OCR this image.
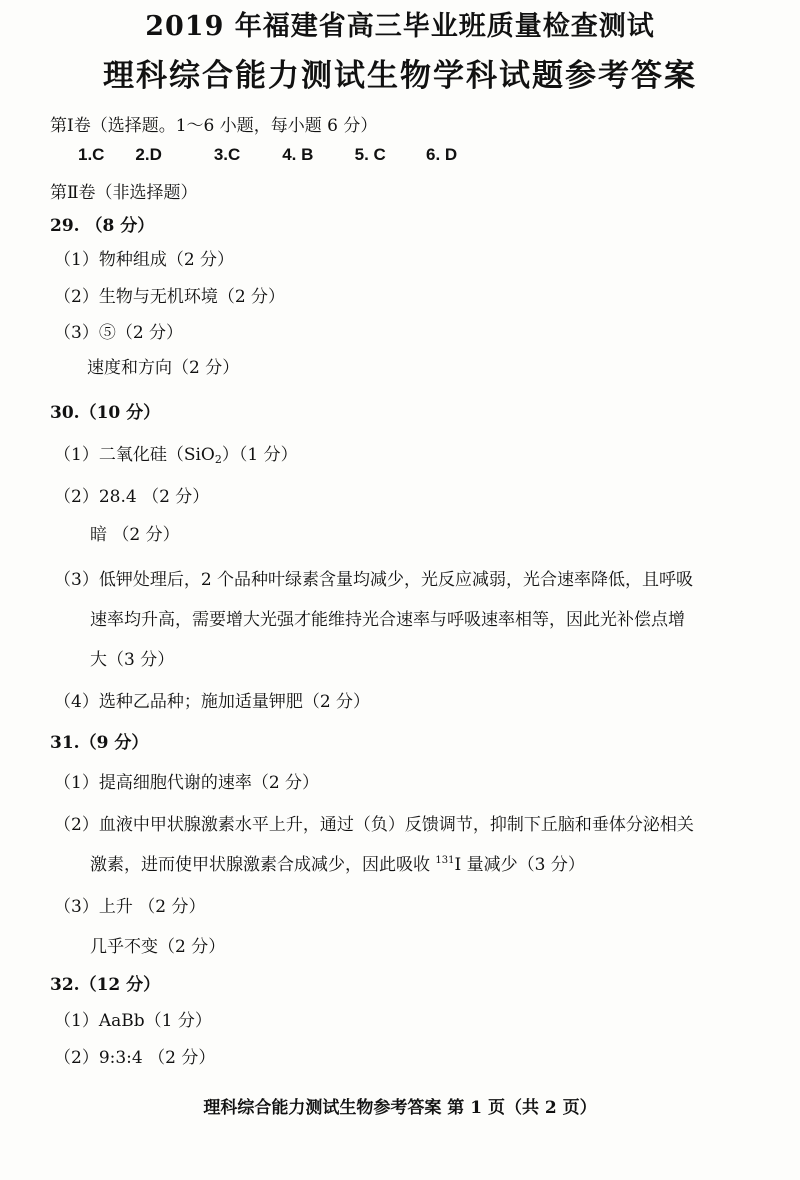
2019 年福建省高三毕业班质量检查测试
理科综合能力测试生物学科试题参考答案
第Ⅰ卷（选择题。1～6 小题，每小题 6 分）
1.C 2.D	3.C 4. B 5. C 6. D
第Ⅱ卷（非选择题）
29. （8 分）
（1）物种组成（2 分）
（2）生物与无机环境（2 分）
（3）⑤（2 分）
速度和方向（2 分）
30.（10 分）
（1）二氧化硅（SiO$_2$）（1 分）
（2）28.4 （2 分）
暗 （2 分）
（3）低钾处理后，2 个品种叶绿素含量均减少，光反应减弱，光合速率降低，且呼吸
速率均升高，需要增大光强才能维持光合速率与呼吸速率相等，因此光补偿点增
大（3 分）
（4）选种乙品种；施加适量钾肥（2 分）
31.（9 分）
（1）提高细胞代谢的速率（2 分）
（2）血液中甲状腺激素水平上升，通过（负）反馈调节，抑制下丘脑和垂体分泌相关
激素，进而使甲状腺激素合成减少，因此吸收 $^{131}$I 量减少（3 分）
（3）上升 （2 分）
几乎不变（2 分）
32.（12 分）
（1）AaBb（1 分）
（2）9:3:4 （2 分）
理科综合能力测试生物参考答案 第 1 页（共 2 页）
